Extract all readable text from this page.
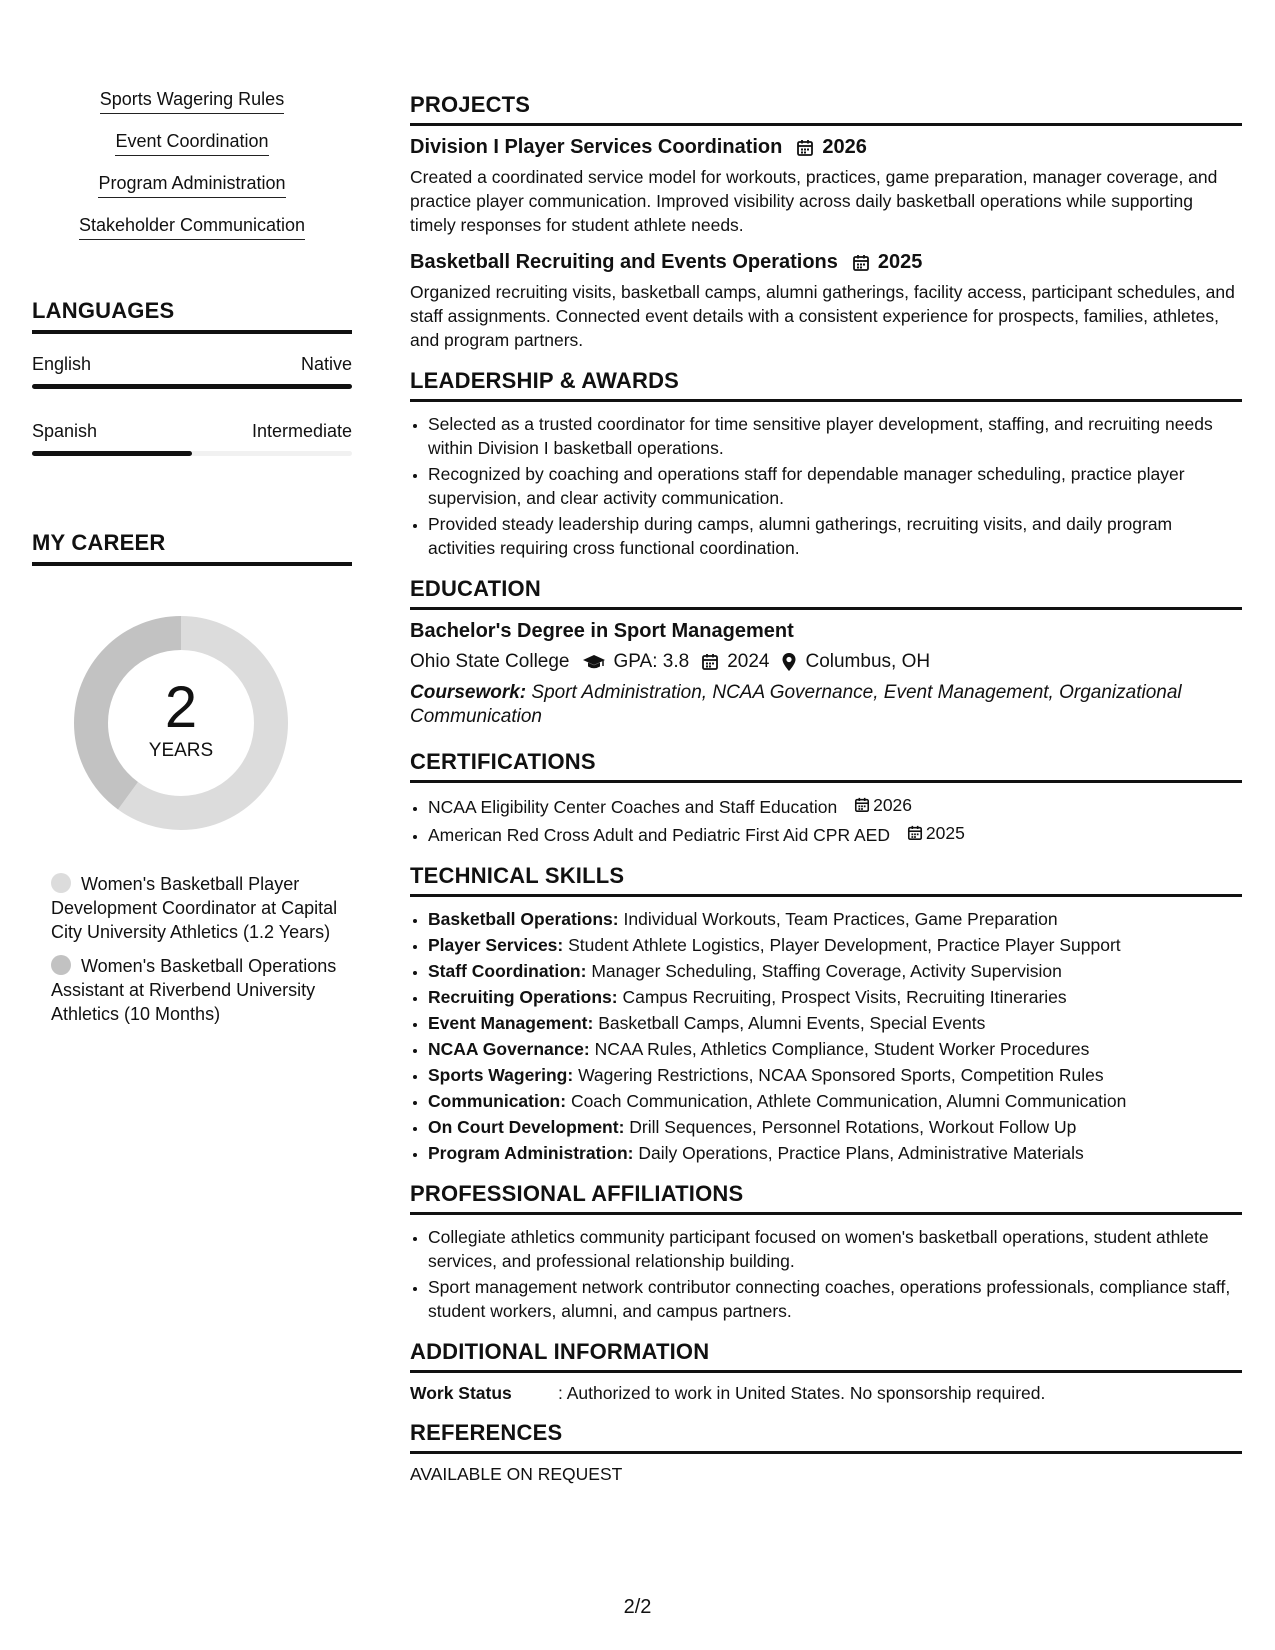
Sports Wagering Rules
Event Coordination
Program Administration
Stakeholder Communication
LANGUAGES
English	Native
Spanish	Intermediate
MY CAREER
2
YEARS
Women's Basketball Player Development Coordinator at Capital City University Athletics (1.2 Years)
Women's Basketball Operations Assistant at Riverbend University Athletics (10 Months)
PROJECTS
Division I Player Services Coordination 2026

Created a coordinated service model for workouts, practices, game preparation, manager coverage, and practice player communication. Improved visibility across daily basketball operations while supporting timely responses for student athlete needs.

Basketball Recruiting and Events Operations 2025

Organized recruiting visits, basketball camps, alumni gatherings, facility access, participant schedules, and staff assignments. Connected event details with a consistent experience for prospects, families, athletes, and program partners.

LEADERSHIP & AWARDS
• Selected as a trusted coordinator for time sensitive player development, staffing, and recruiting needs within Division I basketball operations.
• Recognized by coaching and operations staff for dependable manager scheduling, practice player supervision, and clear activity communication.
• Provided steady leadership during camps, alumni gatherings, recruiting visits, and daily program activities requiring cross functional coordination.
EDUCATION
Bachelor's Degree in Sport Management
Ohio State College GPA: 3.8 2024 Columbus, OH
Coursework: Sport Administration, NCAA Governance, Event Management, Organizational Communication
CERTIFICATIONS
• NCAA Eligibility Center Coaches and Staff Education 2026
• American Red Cross Adult and Pediatric First Aid CPR AED 2025
TECHNICAL SKILLS
• Basketball Operations: Individual Workouts, Team Practices, Game Preparation
• Player Services: Student Athlete Logistics, Player Development, Practice Player Support
• Staff Coordination: Manager Scheduling, Staffing Coverage, Activity Supervision
• Recruiting Operations: Campus Recruiting, Prospect Visits, Recruiting Itineraries
• Event Management: Basketball Camps, Alumni Events, Special Events
• NCAA Governance: NCAA Rules, Athletics Compliance, Student Worker Procedures
• Sports Wagering: Wagering Restrictions, NCAA Sponsored Sports, Competition Rules
• Communication: Coach Communication, Athlete Communication, Alumni Communication
• On Court Development: Drill Sequences, Personnel Rotations, Workout Follow Up
• Program Administration: Daily Operations, Practice Plans, Administrative Materials
PROFESSIONAL AFFILIATIONS
• Collegiate athletics community participant focused on women's basketball operations, student athlete services, and professional relationship building.
• Sport management network contributor connecting coaches, operations professionals, compliance staff, student workers, alumni, and campus partners.
ADDITIONAL INFORMATION
Work Status	: Authorized to work in United States. No sponsorship required.
REFERENCES
AVAILABLE ON REQUEST
2/2
